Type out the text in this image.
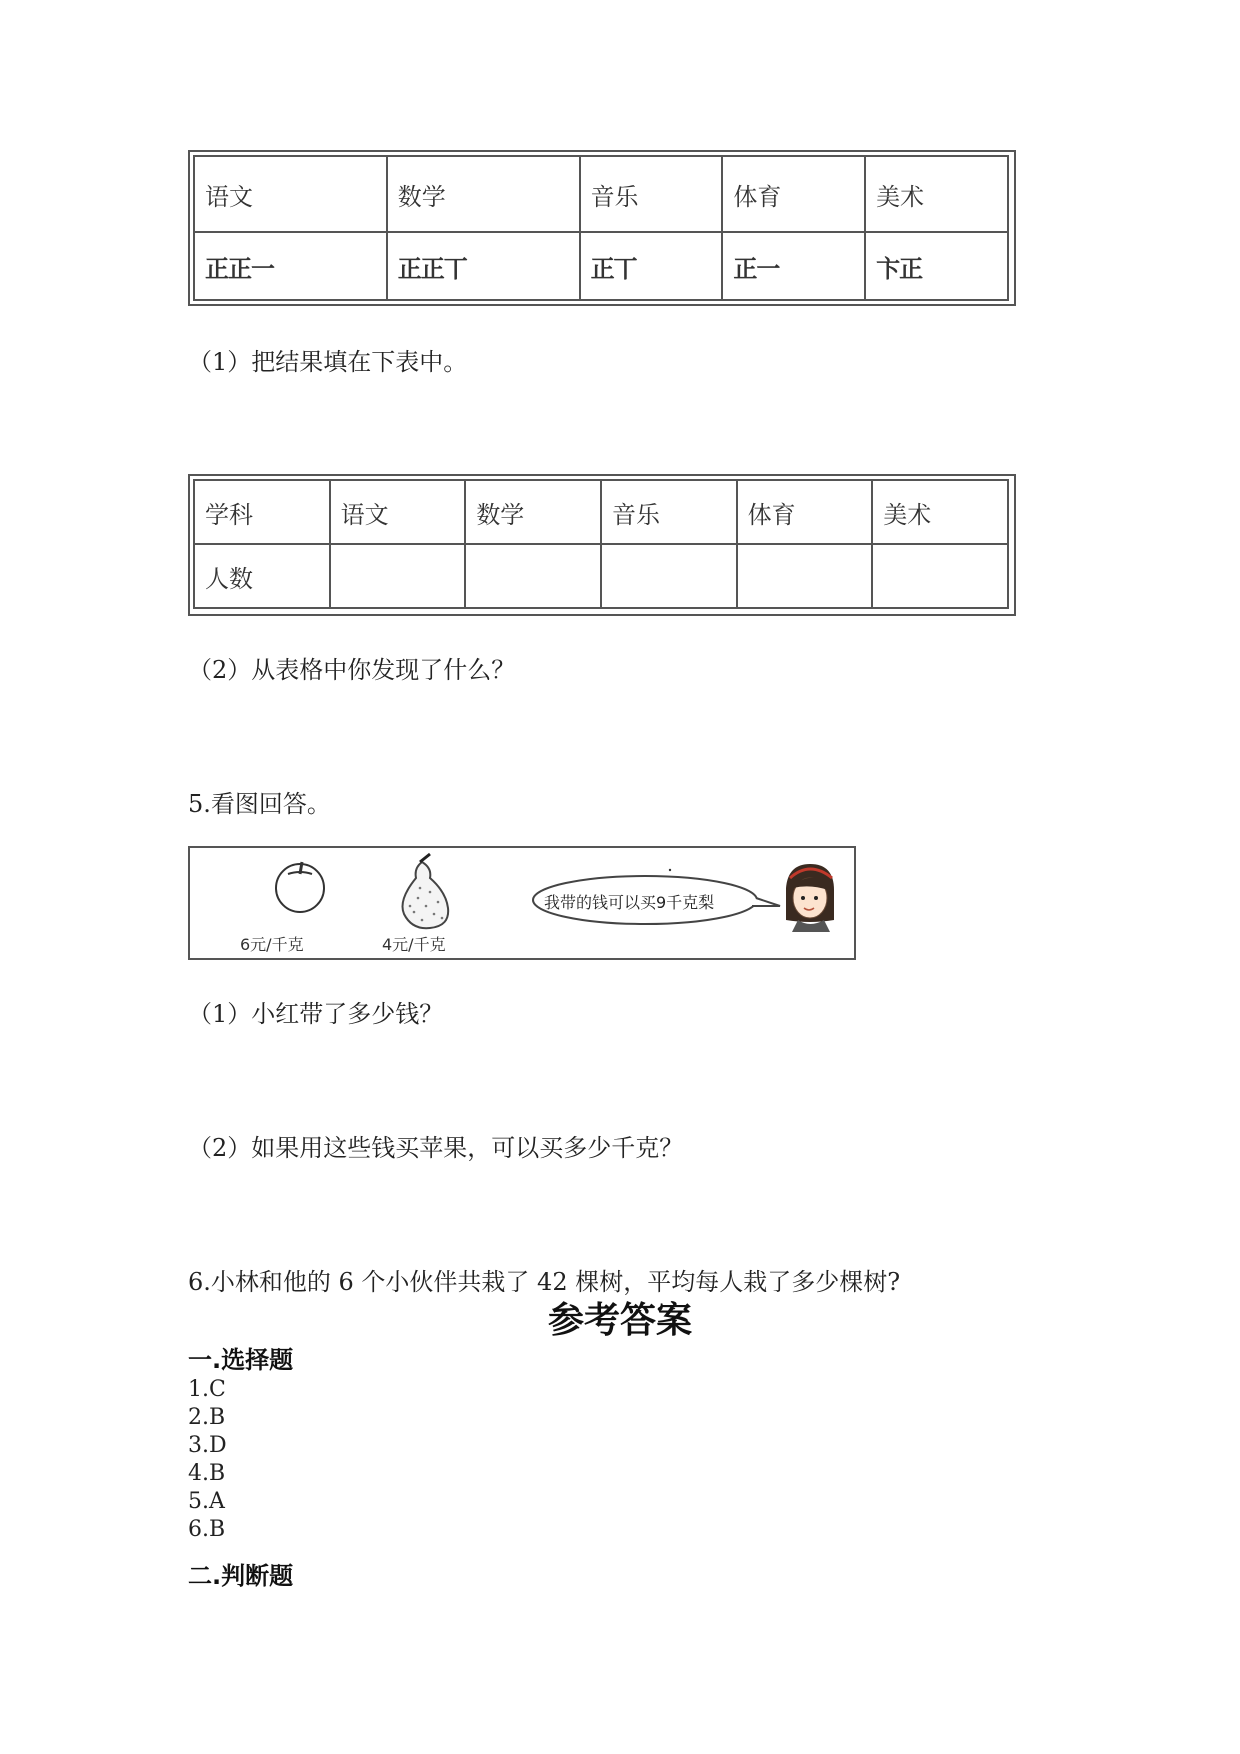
语文	数学	音乐	体育	美术
正正一	正正丅	正丅	正一	卞正
（1）把结果填在下表中。
学科	语文	数学	音乐	体育	美术
人数					
（2）从表格中你发现了什么？
5.看图回答。
6元/千克	4元/千克
我带的钱可以买9千克梨
（1）小红带了多少钱？
（2）如果用这些钱买苹果，可以买多少千克？
6.小林和他的 6 个小伙伴共栽了 42 棵树，平均每人栽了多少棵树?
参考答案
一.选择题
1.C
2.B
3.D
4.B
5.A
6.B
二.判断题
